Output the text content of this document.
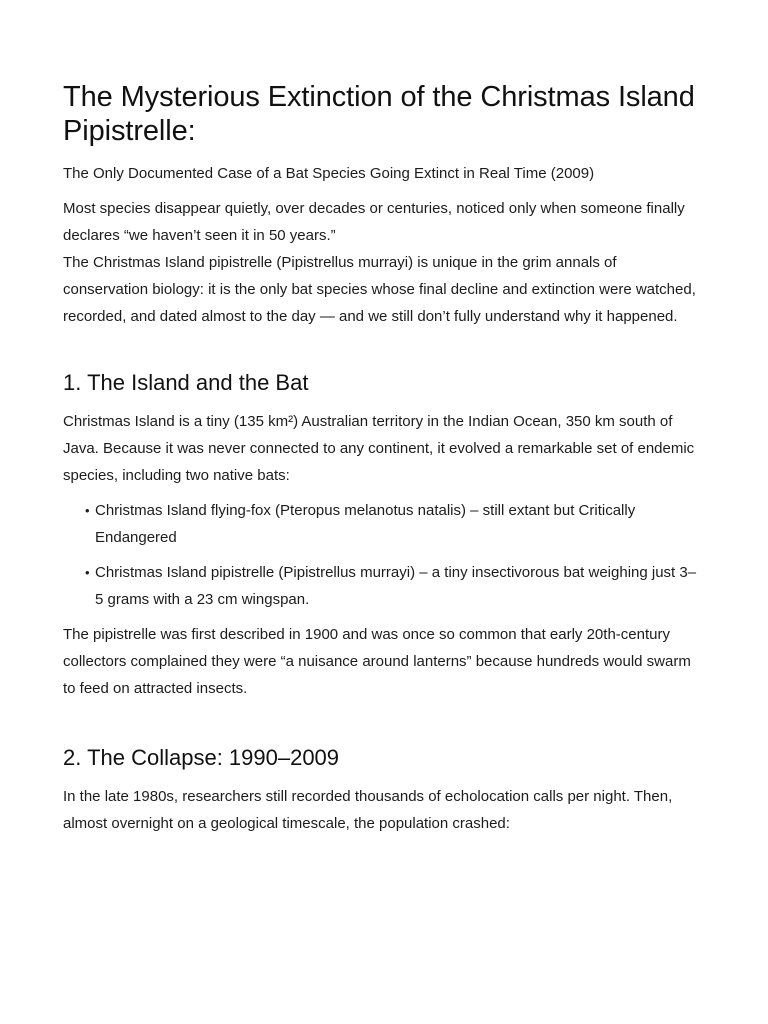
The Mysterious Extinction of the Christmas Island Pipistrelle:

The Only Documented Case of a Bat Species Going Extinct in Real Time (2009)

Most species disappear quietly, over decades or centuries, noticed only when someone finally declares “we haven’t seen it in 50 years.”

The Christmas Island pipistrelle (Pipistrellus murrayi) is unique in the grim annals of conservation biology: it is the only bat species whose final decline and extinction were watched, recorded, and dated almost to the day — and we still don’t fully understand why it happened.

1. The Island and the Bat

Christmas Island is a tiny (135 km²) Australian territory in the Indian Ocean, 350 km south of Java. Because it was never connected to any continent, it evolved a remarkable set of endemic species, including two native bats:

• Christmas Island flying-fox (Pteropus melanotus natalis) – still extant but Critically Endangered
• Christmas Island pipistrelle (Pipistrellus murrayi) – a tiny insectivorous bat weighing just 3–5 grams with a 23 cm wingspan.

The pipistrelle was first described in 1900 and was once so common that early 20th-century collectors complained they were “a nuisance around lanterns” because hundreds would swarm to feed on attracted insects.

2. The Collapse: 1990–2009

In the late 1980s, researchers still recorded thousands of echolocation calls per night. Then, almost overnight on a geological timescale, the population crashed:
